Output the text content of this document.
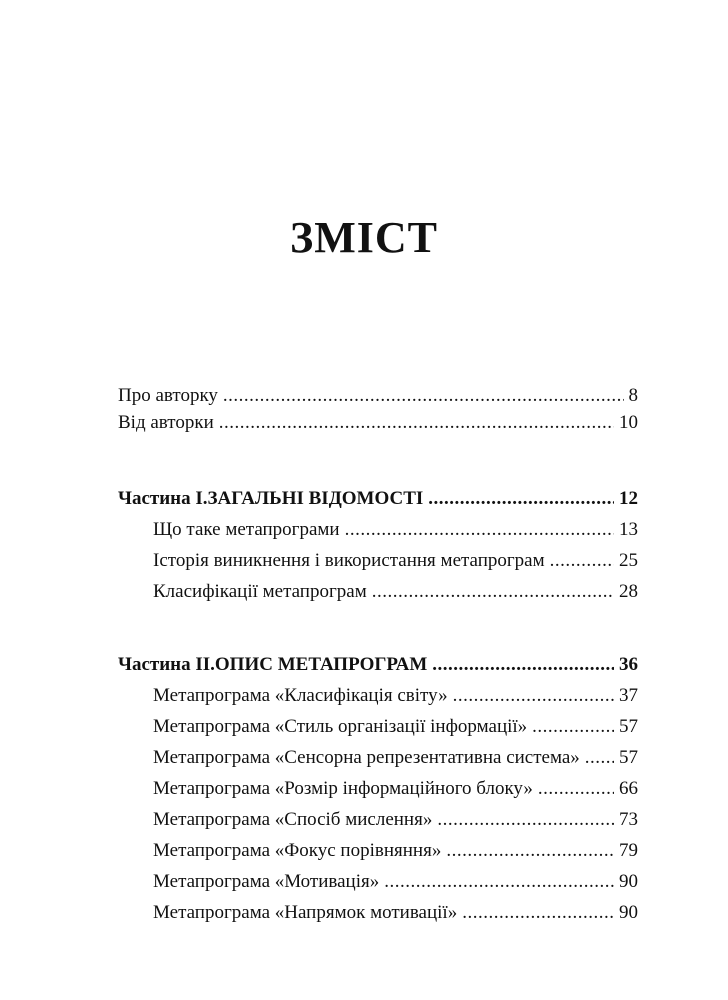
ЗМІСТ
Про авторку .....	8
Від авторки .....	10
Частина I. ЗАГАЛЬНІ ВІДОМОСТІ .....	12
Що таке метапрограми .....	13
Історія виникнення і використання метапрограм .....	25
Класифікації метапрограм .....	28
Частина II. ОПИС МЕТАПРОГРАМ .....	36
Метапрограма «Класифікація світу» .....	37
Метапрограма «Стиль організації інформації» .....	57
Метапрограма «Сенсорна репрезентативна система» ..... 57
Метапрограма «Розмір інформаційного блоку» .....	66
Метапрограма «Спосіб мислення» .....	73
Метапрограма «Фокус порівняння» .....	79
Метапрограма «Мотивація» .....	90
Метапрограма «Напрямок мотивації» .....	90
